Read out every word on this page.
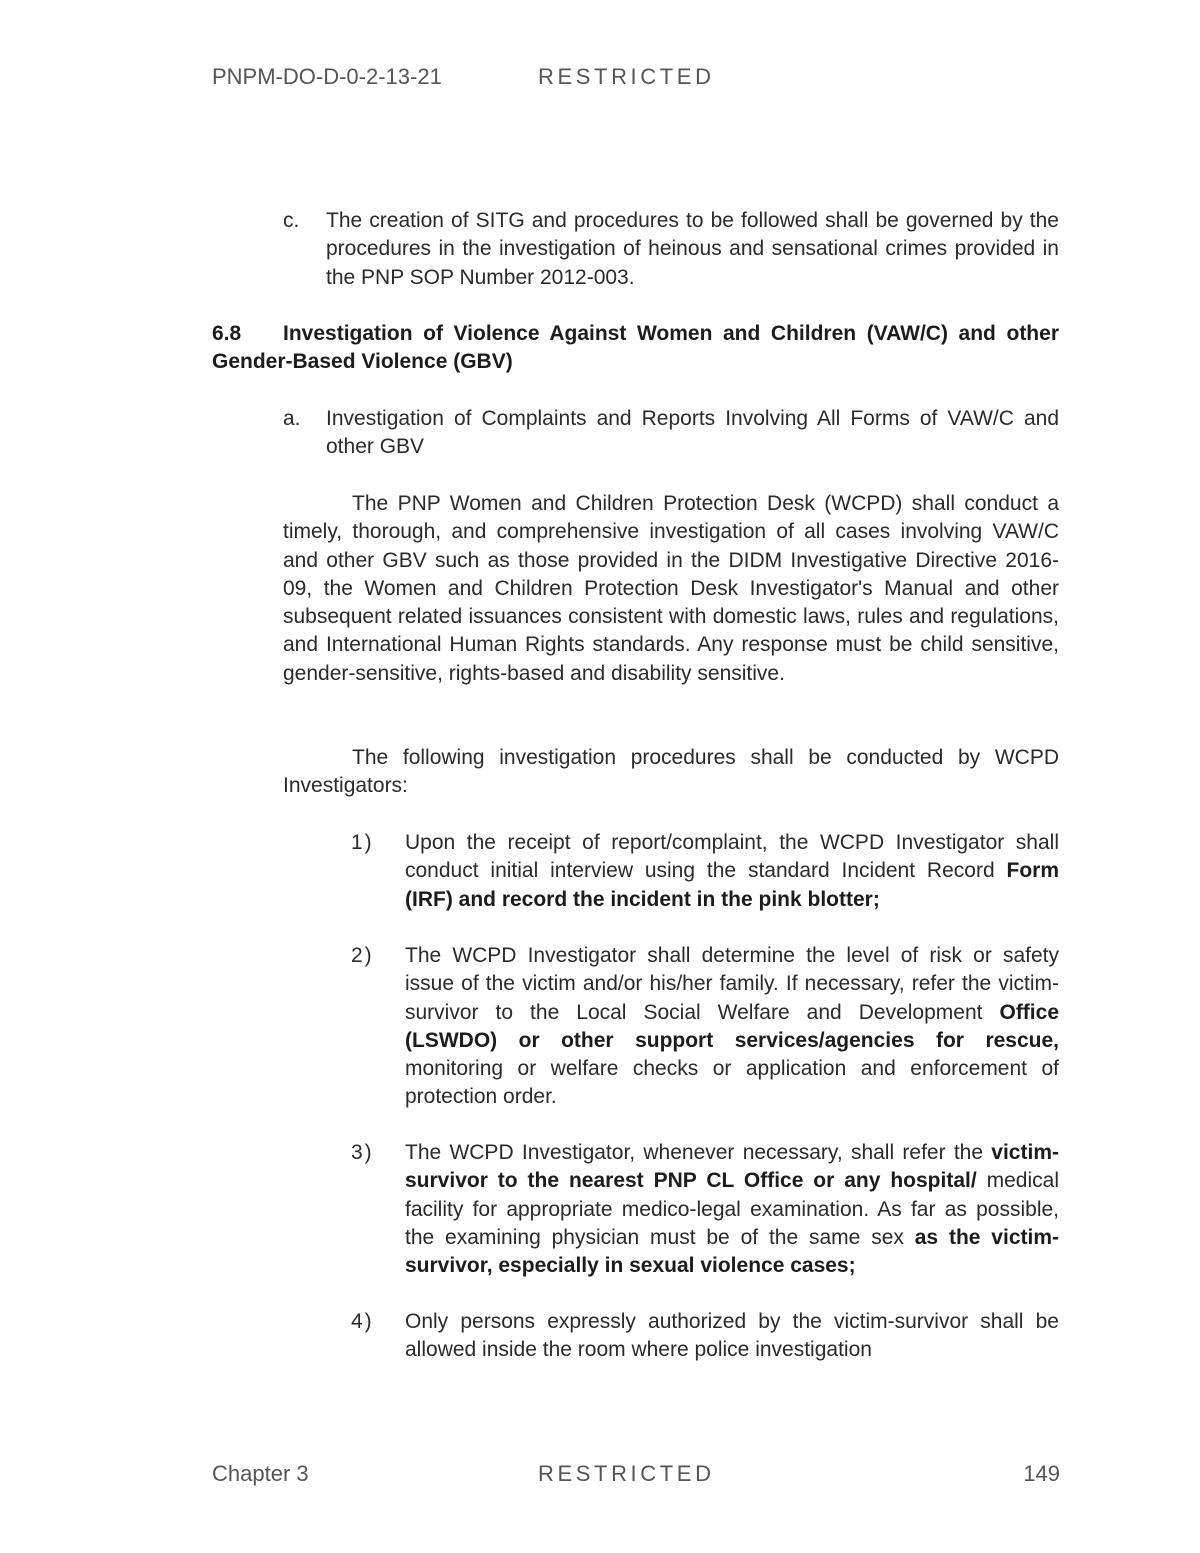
PNPM-DO-D-0-2-13-21	RESTRICTED
c. The creation of SITG and procedures to be followed shall be governed by the procedures in the investigation of heinous and sensational crimes provided in the PNP SOP Number 2012-003.
6.8 Investigation of Violence Against Women and Children (VAW/C) and other Gender-Based Violence (GBV)
a. Investigation of Complaints and Reports Involving All Forms of VAW/C and other GBV
The PNP Women and Children Protection Desk (WCPD) shall conduct a timely, thorough, and comprehensive investigation of all cases involving VAW/C and other GBV such as those provided in the DIDM Investigative Directive 2016-09, the Women and Children Protection Desk Investigator's Manual and other subsequent related issuances consistent with domestic laws, rules and regulations, and International Human Rights standards. Any response must be child sensitive, gender-sensitive, rights-based and disability sensitive.
The following investigation procedures shall be conducted by WCPD Investigators:
1) Upon the receipt of report/complaint, the WCPD Investigator shall conduct initial interview using the standard Incident Record Form (IRF) and record the incident in the pink blotter;
2) The WCPD Investigator shall determine the level of risk or safety issue of the victim and/or his/her family. If necessary, refer the victim-survivor to the Local Social Welfare and Development Office (LSWDO) or other support services/agencies for rescue, monitoring or welfare checks or application and enforcement of protection order.
3) The WCPD Investigator, whenever necessary, shall refer the victim-survivor to the nearest PNP CL Office or any hospital/ medical facility for appropriate medico-legal examination. As far as possible, the examining physician must be of the same sex as the victim-survivor, especially in sexual violence cases;
4) Only persons expressly authorized by the victim-survivor shall be allowed inside the room where police investigation
Chapter 3	RESTRICTED	149
